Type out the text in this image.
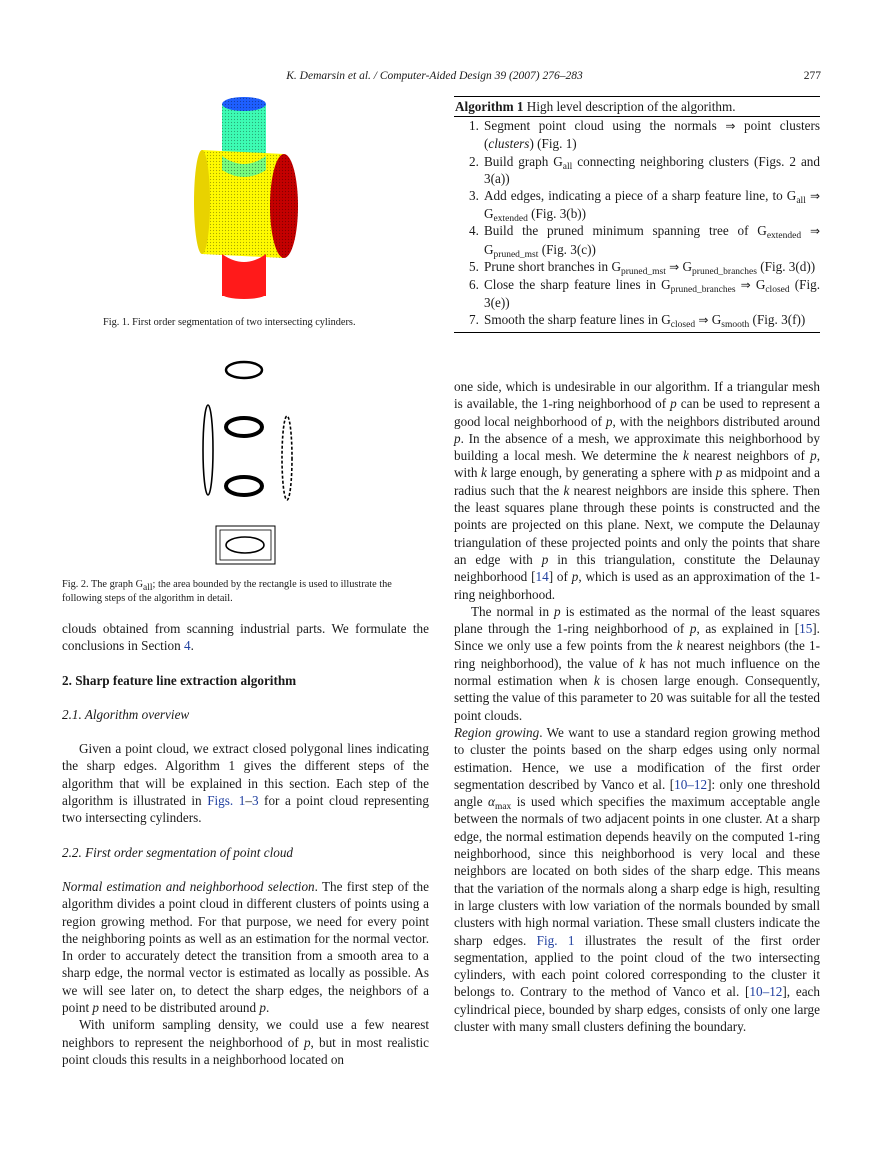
K. Demarsin et al. / Computer-Aided Design 39 (2007) 276–283	277
Fig. 1. First order segmentation of two intersecting cylinders.
Fig. 2. The graph $G_{all}$; the area bounded by the rectangle is used to illustrate the following steps of the algorithm in detail.

clouds obtained from scanning industrial parts. We formulate the conclusions in Section 4.

2. Sharp feature line extraction algorithm

2.1. Algorithm overview

Given a point cloud, we extract closed polygonal lines indicating the sharp edges. Algorithm 1 gives the different steps of the algorithm that will be explained in this section. Each step of the algorithm is illustrated in Figs. 1–3 for a point cloud representing two intersecting cylinders.

2.2. First order segmentation of point cloud

Normal estimation and neighborhood selection. The first step of the algorithm divides a point cloud in different clusters of points using a region growing method. For that purpose, we need for every point the neighboring points as well as an estimation for the normal vector. In order to accurately detect the transition from a smooth area to a sharp edge, the normal vector is estimated as locally as possible. As we will see later on, to detect the sharp edges, the neighbors of a point p need to be distributed around p.

With uniform sampling density, we could use a few nearest neighbors to represent the neighborhood of p, but in most realistic point clouds this results in a neighborhood located on

Algorithm 1 High level description of the algorithm.
1. Segment point cloud using the normals ⇒ point clusters (clusters) (Fig. 1)
2. Build graph $G_{all}$ connecting neighboring clusters (Figs. 2 and 3(a))
3. Add edges, indicating a piece of a sharp feature line, to $G_{all}$ ⇒ $G_{extended}$ (Fig. 3(b))
4. Build the pruned minimum spanning tree of $G_{extended}$ ⇒ $G_{pruned\_mst}$ (Fig. 3(c))
5. Prune short branches in $G_{pruned\_mst}$ ⇒ $G_{pruned\_branches}$ (Fig. 3(d))
6. Close the sharp feature lines in $G_{pruned\_branches}$ ⇒ $G_{closed}$ (Fig. 3(e))
7. Smooth the sharp feature lines in $G_{closed}$ ⇒ $G_{smooth}$ (Fig. 3(f))

one side, which is undesirable in our algorithm. If a triangular mesh is available, the 1-ring neighborhood of p can be used to represent a good local neighborhood of p, with the neighbors distributed around p. In the absence of a mesh, we approximate this neighborhood by building a local mesh. We determine the k nearest neighbors of p, with k large enough, by generating a sphere with p as midpoint and a radius such that the k nearest neighbors are inside this sphere. Then the least squares plane through these points is constructed and the points are projected on this plane. Next, we compute the Delaunay triangulation of these projected points and only the points that share an edge with p in this triangulation, constitute the Delaunay neighborhood [14] of p, which is used as an approximation of the 1-ring neighborhood.

The normal in p is estimated as the normal of the least squares plane through the 1-ring neighborhood of p, as explained in [15]. Since we only use a few points from the k nearest neighbors (the 1-ring neighborhood), the value of k has not much influence on the normal estimation when k is chosen large enough. Consequently, setting the value of this parameter to 20 was suitable for all the tested point clouds.

Region growing. We want to use a standard region growing method to cluster the points based on the sharp edges using only normal estimation. Hence, we use a modification of the first order segmentation described by Vanco et al. [10–12]: only one threshold angle $\alpha_{max}$ is used which specifies the maximum acceptable angle between the normals of two adjacent points in one cluster. At a sharp edge, the normal estimation depends heavily on the computed 1-ring neighborhood, since this neighborhood is very local and these neighbors are located on both sides of the sharp edge. This means that the variation of the normals along a sharp edge is high, resulting in large clusters with low variation of the normals bounded by small clusters with high normal variation. These small clusters indicate the sharp edges. Fig. 1 illustrates the result of the first order segmentation, applied to the point cloud of the two intersecting cylinders, with each point colored corresponding to the cluster it belongs to. Contrary to the method of Vanco et al. [10–12], each cylindrical piece, bounded by sharp edges, consists of only one large cluster with many small clusters defining the boundary.
